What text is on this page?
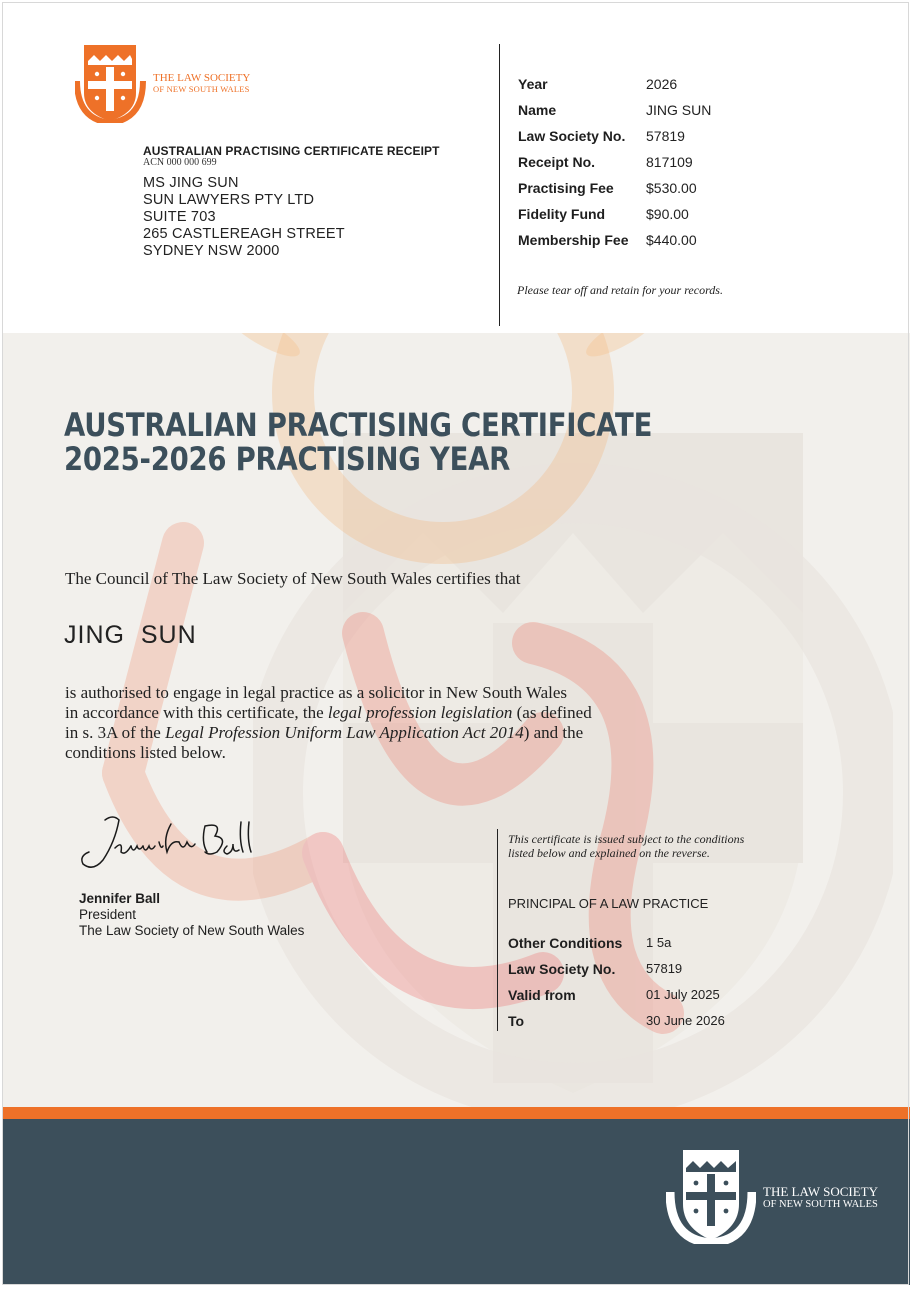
THE LAW SOCIETY
OF NEW SOUTH WALES
AUSTRALIAN PRACTISING CERTIFICATE RECEIPT
ACN 000 000 699
MS JING SUN
SUN LAWYERS PTY LTD
SUITE 703
265 CASTLEREAGH STREET
SYDNEY NSW 2000
Year	2026
Name	JING SUN
Law Society No.	57819
Receipt No.	817109
Practising Fee	$530.00
Fidelity Fund	$90.00
Membership Fee	$440.00
Please tear off and retain for your records.
AUSTRALIAN PRACTISING CERTIFICATE
2025-2026 PRACTISING YEAR
The Council of The Law Society of New South Wales certifies that
JING  SUN
is authorised to engage in legal practice as a solicitor in New South Wales
in accordance with this certificate, the legal profession legislation (as defined
in s. 3A of the Legal Profession Uniform Law Application Act 2014) and the
conditions listed below.
Jennifer Ball
President
The Law Society of New South Wales
This certificate is issued subject to the conditions
listed below and explained on the reverse.
PRINCIPAL OF A LAW PRACTICE
Other Conditions	1 5a
Law Society No.	57819
Valid from	01 July 2025
To	30 June 2026
THE LAW SOCIETY
OF NEW SOUTH WALES
